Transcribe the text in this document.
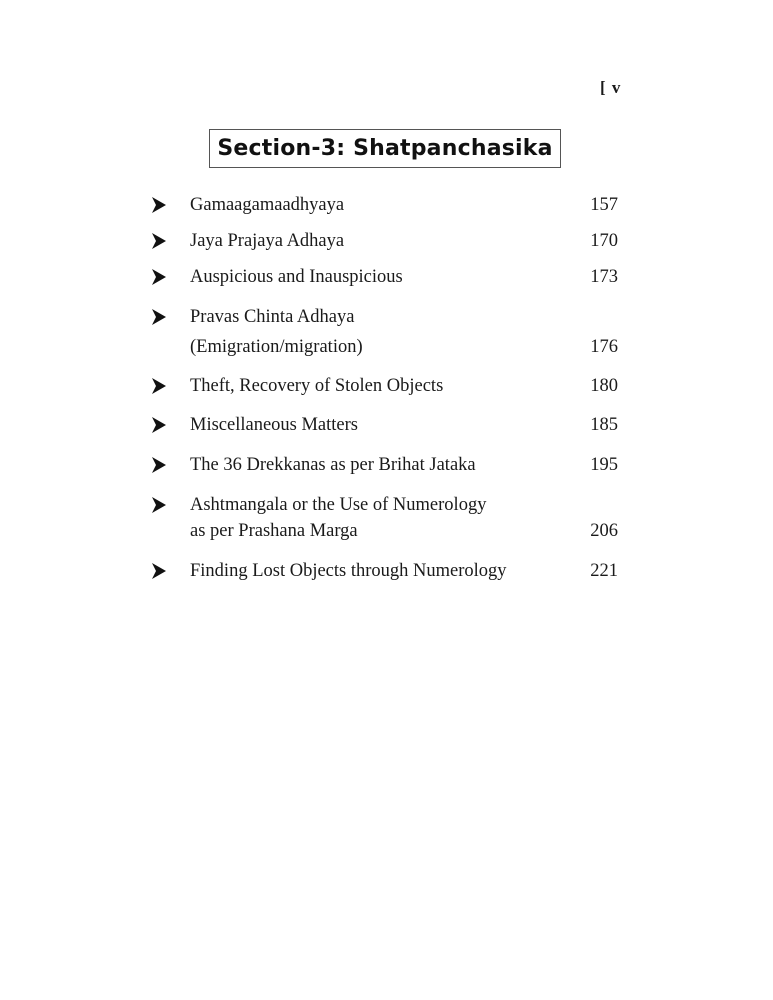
[ v
Section-3: Shatpanchasika
Gamaagamaadhyaya	157
Jaya Prajaya Adhaya	170
Auspicious and Inauspicious	173
Pravas Chinta Adhaya
(Emigration/migration)	176
Theft, Recovery of Stolen Objects	180
Miscellaneous Matters	185
The 36 Drekkanas as per Brihat Jataka	195
Ashtmangala or the Use of Numerology
as per Prashana Marga	206
Finding Lost Objects through Numerology	221
